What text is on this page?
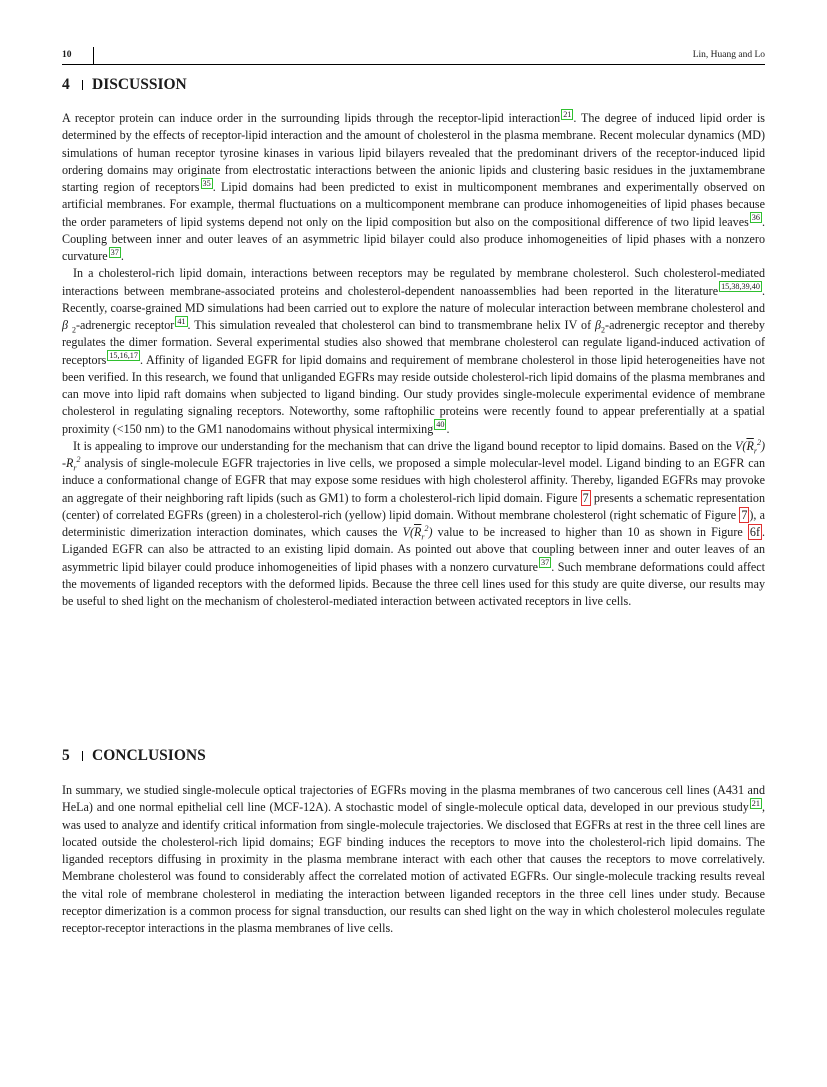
10	Lin, Huang and Lo
4 DISCUSSION

A receptor protein can induce order in the surrounding lipids through the receptor-lipid interaction $^{21}$ . The degree of induced lipid order is determined by the effects of receptor-lipid interaction and the amount of cholesterol in the plasma membrane. Recent molecular dynamics (MD) simulations of human receptor tyrosine kinases in various lipid bilayers revealed that the predominant drivers of the receptor-induced lipid ordering domains may originate from electrostatic interactions between the anionic lipids and clustering basic residues in the juxtamembrane starting region of receptors $^{35}$ . Lipid domains had been predicted to exist in multicomponent membranes and experimentally observed on artificial membranes. For example, thermal fluctuations on a multicomponent membrane can produce inhomogeneities of lipid phases because the order parameters of lipid systems depend not only on the lipid composition but also on the compositional difference of two lipid leaves $^{36}$ . Coupling between inner and outer leaves of an asymmetric lipid bilayer could also produce inhomogeneities of lipid phases with a nonzero curvature $^{37}$ .

In a cholesterol-rich lipid domain, interactions between receptors may be regulated by membrane cholesterol. Such cholesterol-mediated interactions between membrane-associated proteins and cholesterol-dependent nanoassemblies had been reported in the literature $^{15,38,39,40}$ . Recently, coarse-grained MD simulations had been carried out to explore the nature of molecular interaction between membrane cholesterol and β $_2$-adrenergic receptor $^{41}$ . This simulation revealed that cholesterol can bind to transmembrane helix IV of $\beta_2$-adrenergic receptor and thereby regulates the dimer formation. Several experimental studies also showed that membrane cholesterol can regulate ligand-induced activation of receptors $^{15,16,17}$ . Affinity of liganded EGFR for lipid domains and requirement of membrane cholesterol in those lipid heterogeneities have not been verified. In this research, we found that unliganded EGFRs may reside outside cholesterol-rich lipid domains of the plasma membranes and can move into lipid raft domains when subjected to ligand binding. Our study provides single-molecule experimental evidence of membrane cholesterol in regulating signaling receptors. Noteworthy, some raftophilic proteins were recently found to appear preferentially at a spatial proximity (<150 nm) to the GM1 nanodomains without physical intermixing $^{40}$ .

It is appealing to improve our understanding for the mechanism that can drive the ligand bound receptor to lipid domains. Based on the $V(\overline{R}_r^2)$ $-R_r^2$ analysis of single-molecule EGFR trajectories in live cells, we proposed a simple molecular-level model. Ligand binding to an EGFR can induce a conformational change of EGFR that may expose some residues with high cholesterol affinity. Thereby, liganded EGFRs may provoke an aggregate of their neighboring raft lipids (such as GM1) to form a cholesterol-rich lipid domain. Figure 7 presents a schematic representation (center) of correlated EGFRs (green) in a cholesterol-rich (yellow) lipid domain. Without membrane cholesterol (right schematic of Figure 7 ), a deterministic dimerization interaction dominates, which causes the $V(\overline{R}_r^2)$ value to be increased to higher than 10 as shown in Figure 6f . Liganded EGFR can also be attracted to an existing lipid domain. As pointed out above that coupling between inner and outer leaves of an asymmetric lipid bilayer could produce inhomogeneities of lipid phases with a nonzero curvature $^{37}$ . Such membrane deformations could affect the movements of liganded receptors with the deformed lipids. Because the three cell lines used for this study are quite diverse, our results may be useful to shed light on the mechanism of cholesterol-mediated interaction between activated receptors in live cells.

5 CONCLUSIONS

In summary, we studied single-molecule optical trajectories of EGFRs moving in the plasma membranes of two cancerous cell lines (A431 and HeLa) and one normal epithelial cell line (MCF-12A). A stochastic model of single-molecule optical data, developed in our previous study $^{21}$ , was used to analyze and identify critical information from single-molecule trajectories. We disclosed that EGFRs at rest in the three cell lines are located outside the cholesterol-rich lipid domains; EGF binding induces the receptors to move into the cholesterol-rich lipid domains. The liganded receptors diffusing in proximity in the plasma membrane interact with each other that causes the receptors to move correlatively. Membrane cholesterol was found to considerably affect the correlated motion of activated EGFRs. Our single-molecule tracking results reveal the vital role of membrane cholesterol in mediating the interaction between liganded receptors in the three cell lines under study. Because receptor dimerization is a common process for signal transduction, our results can shed light on the way in which cholesterol molecules regulate receptor-receptor interactions in the plasma membranes of live cells.
